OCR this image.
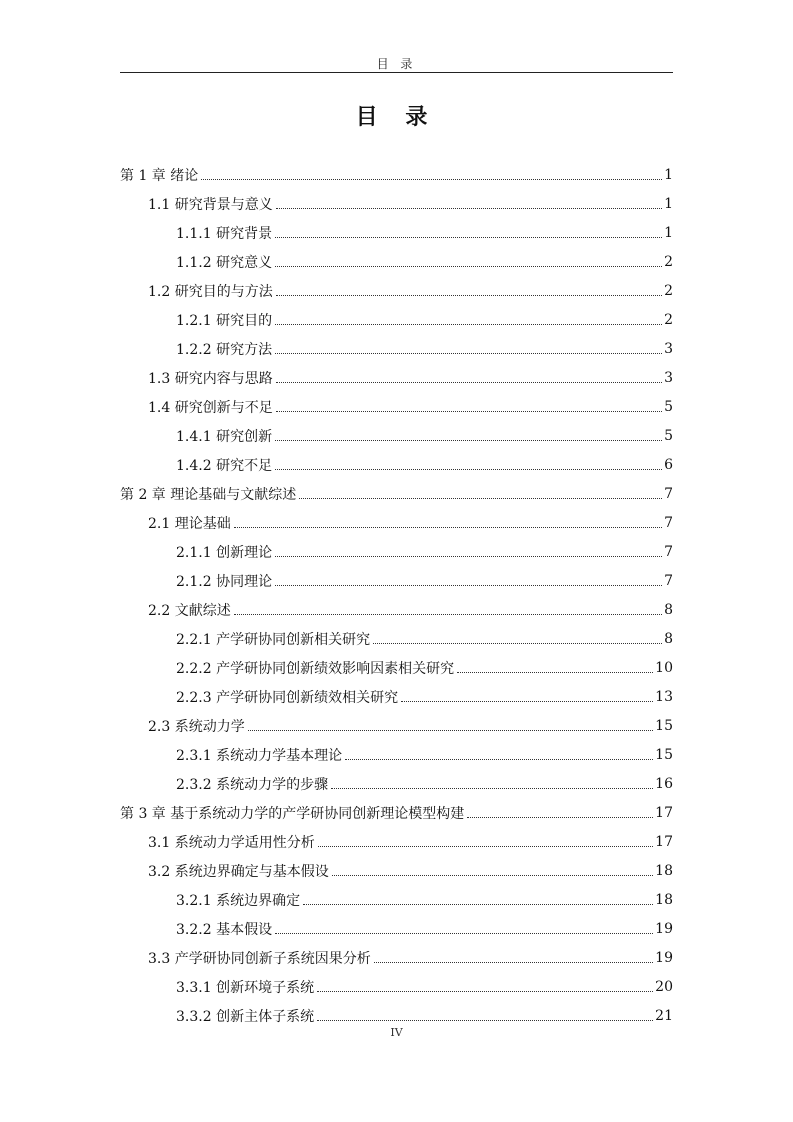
目 录
目 录
第 1 章 绪论	1
1.1 研究背景与意义	1
1.1.1 研究背景	1
1.1.2 研究意义	2
1.2 研究目的与方法	2
1.2.1 研究目的	2
1.2.2 研究方法	3
1.3 研究内容与思路	3
1.4 研究创新与不足	5
1.4.1 研究创新	5
1.4.2 研究不足	6
第 2 章 理论基础与文献综述	7
2.1 理论基础	7
2.1.1 创新理论	7
2.1.2 协同理论	7
2.2 文献综述	8
2.2.1 产学研协同创新相关研究	8
2.2.2 产学研协同创新绩效影响因素相关研究	10
2.2.3 产学研协同创新绩效相关研究	13
2.3 系统动力学	15
2.3.1 系统动力学基本理论	15
2.3.2 系统动力学的步骤	16
第 3 章 基于系统动力学的产学研协同创新理论模型构建	17
3.1 系统动力学适用性分析	17
3.2 系统边界确定与基本假设	18
3.2.1 系统边界确定	18
3.2.2 基本假设	19
3.3 产学研协同创新子系统因果分析	19
3.3.1 创新环境子系统	20
3.3.2 创新主体子系统	21
IV
